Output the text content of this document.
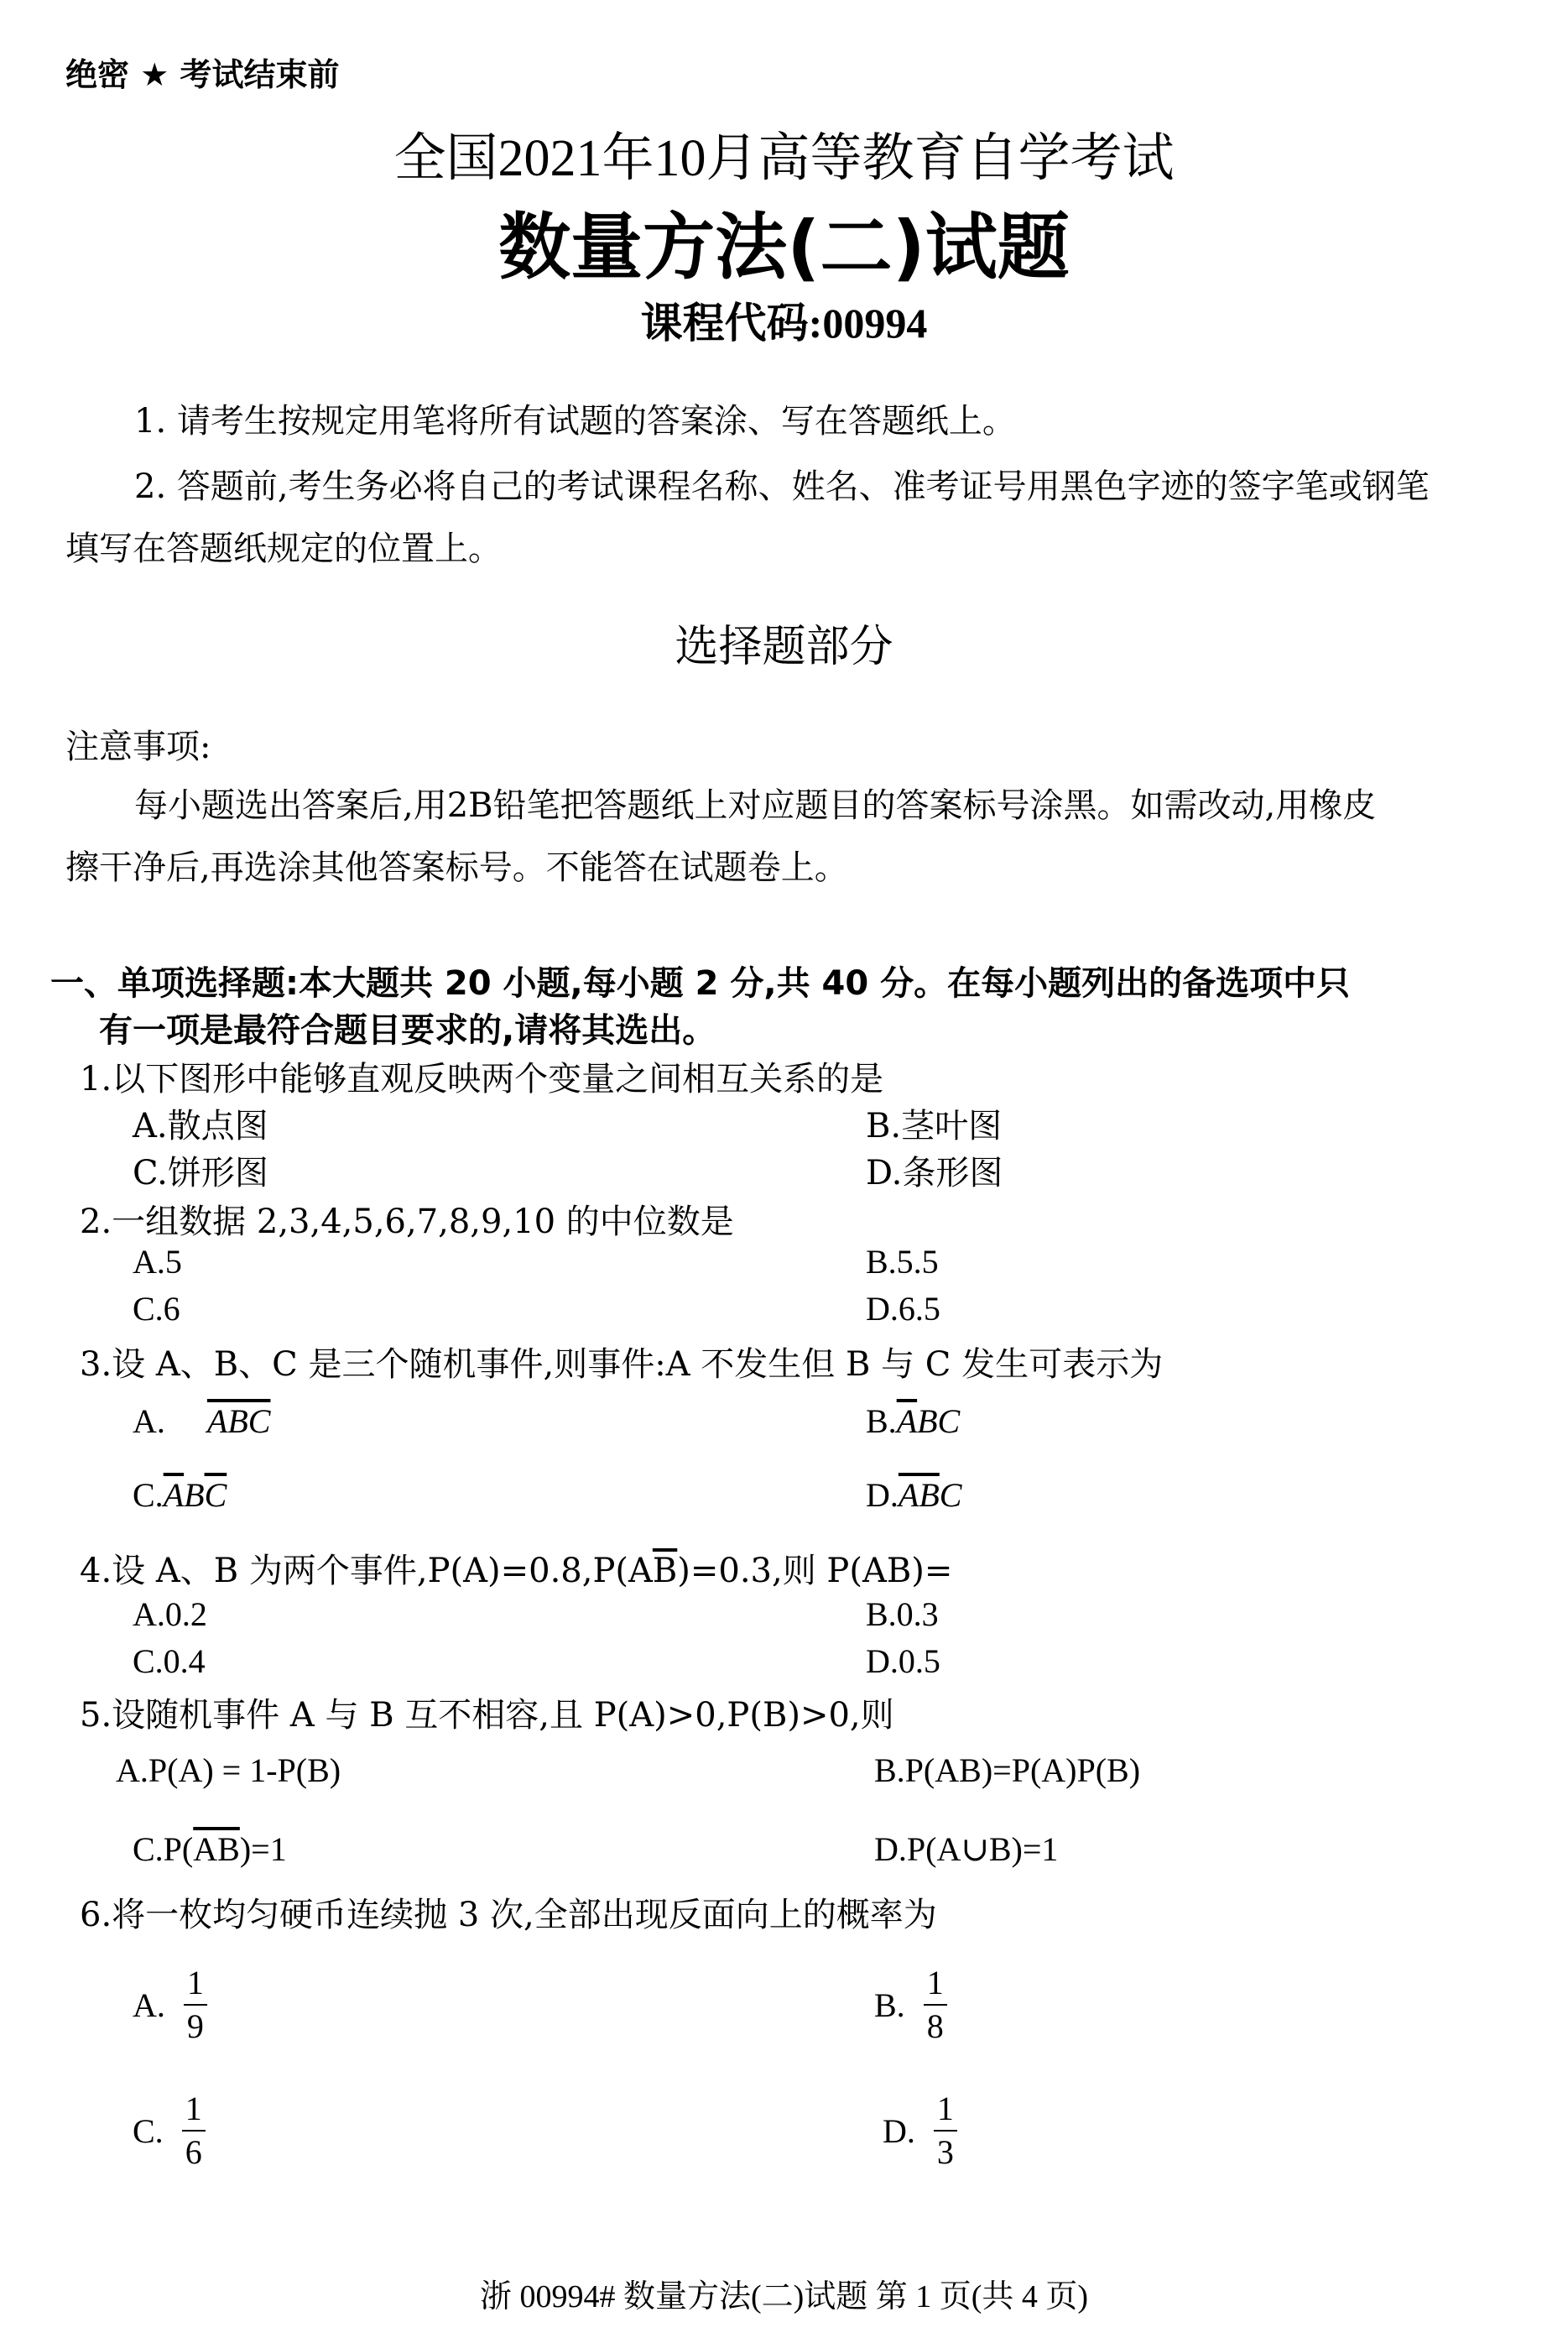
绝密 ★ 考试结束前
全国2021年10月高等教育自学考试
数量方法(二)试题
课程代码:00994
1. 请考生按规定用笔将所有试题的答案涂、写在答题纸上。
2. 答题前,考生务必将自己的考试课程名称、姓名、准考证号用黑色字迹的签字笔或钢笔
填写在答题纸规定的位置上。
选择题部分
注意事项:
每小题选出答案后,用2B铅笔把答题纸上对应题目的答案标号涂黑。如需改动,用橡皮
擦干净后,再选涂其他答案标号。不能答在试题卷上。
一、单项选择题:本大题共 20 小题,每小题 2 分,共 40 分。在每小题列出的备选项中只
有一项是最符合题目要求的,请将其选出。
1.以下图形中能够直观反映两个变量之间相互关系的是
A.散点图	B.茎叶图
C.饼形图	D.条形图
2.一组数据 2,3,4,5,6,7,8,9,10 的中位数是
A.5	B.5.5
C.6	D.6.5
3.设 A、B、C 是三个随机事件,则事件:A 不发生但 B 与 C 发生可表示为
A. $\overline{ABC}$	$B.\overline{A}BC$
$C.\overline{A}B\overline{C}$	$D.\overline{AB}C$
4.设 A、B 为两个事件$,P(A)=0.8,P(A\overline{B})=0.3$,则 P(AB)=
A.0.2	B.0.3
C.0.4	D.0.5
5.设随机事件 A 与 B 互不相容,且 P(A)>0,P(B)>0,则
A.P(A) = 1-P(B)	B.P(AB)=P(A)P(B)
$C.P(\overline{AB})=1$	D.P(A∪B)=1
6.将一枚均匀硬币连续抛 3 次,全部出现反面向上的概率为
A. $\frac{1}{9}$	B. $\frac{1}{8}$
C. $\frac{1}{6}$	D. $\frac{1}{3}$
浙 00994# 数量方法(二)试题 第 1 页(共 4 页)
